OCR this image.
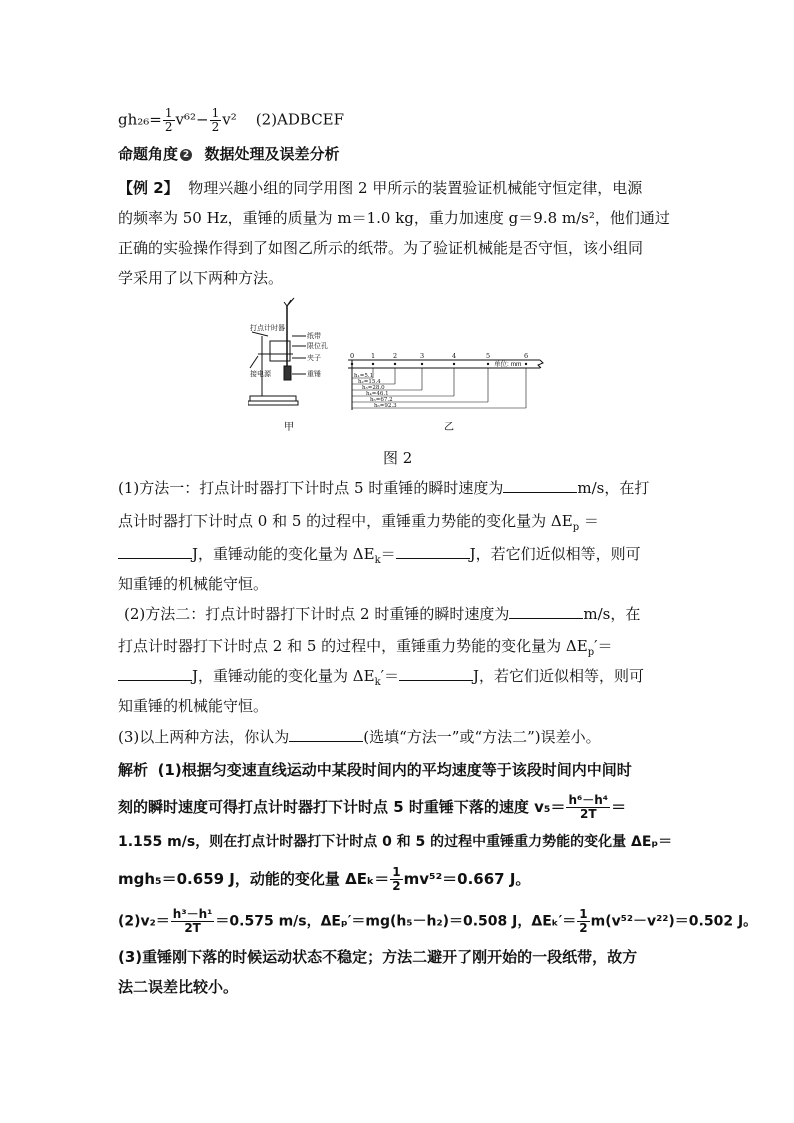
$gh_{26}= \frac{1}{2} v^{62}- \frac{1}{2} v^2$ (2)ADBCEF
命题角度 2 数据处理及误差分析
【例 2】 物理兴趣小组的同学用图 2 甲所示的装置验证机械能守恒定律，电源
的频率为 50 Hz，重锤的质量为 m＝1.0 kg，重力加速度 g＝9.8 m/s²，他们通过
正确的实验操作得到了如图乙所示的纸带。为了验证机械能是否守恒，该小组同
学采用了以下两种方法。
打点计时器
纸带
限位孔
夹子
接电源	重锤
甲
0	1	2	3	4	5	6
单位: mm
h₁=5.1
h₂=15.4
h₃=28.0
h₄=46.1
h₅=67.2
h₆=92.3
乙
图 2
(1)方法一：打点计时器打下计时点 5 时重锤的瞬时速度为	m/s，在打
点计时器打下计时点 0 和 5 的过程中，重锤重力势能的变化量为 $\Delta E_p$ ＝
J，重锤动能的变化量为 $\Delta E_k=$	J，若它们近似相等，则可
知重锤的机械能守恒。
(2)方法二：打点计时器打下计时点 2 时重锤的瞬时速度为	m/s，在
打点计时器打下计时点 2 和 5 的过程中，重锤重力势能的变化量为 $\Delta E_p'=$
J，重锤动能的变化量为 $\Delta E_k'=$	J，若它们近似相等，则可
知重锤的机械能守恒。
(3)以上两种方法，你认为	(选填“方法一”或“方法二”)误差小。
解析 (1)根据匀变速直线运动中某段时间内的平均速度等于该段时间内中间时
刻的瞬时速度可得打点计时器打下计时点 5 时重锤下落的速度 $v_5= \frac{\text{h⁶－h⁴}}{2T}$ ＝
1.155 m/s，则在打点计时器打下计时点 0 和 5 的过程中重锤重力势能的变化量 ΔEₚ＝
mgh₅＝0.659 J，动能的变化量 $\Delta E_k= \frac{1}{2} mv^{52}=0.667$ J。
$(2)v_2= \frac{\text{h³－h¹}}{2T} =0.575$ m/s，ΔEₚ′＝mg(h₅－h₂)＝0.508 J，$\Delta E_k'= \frac{1}{2} m(v^{52}-v^{22})=0.502$ J。
(3)重锤刚下落的时候运动状态不稳定；方法二避开了刚开始的一段纸带，故方
法二误差比较小。
